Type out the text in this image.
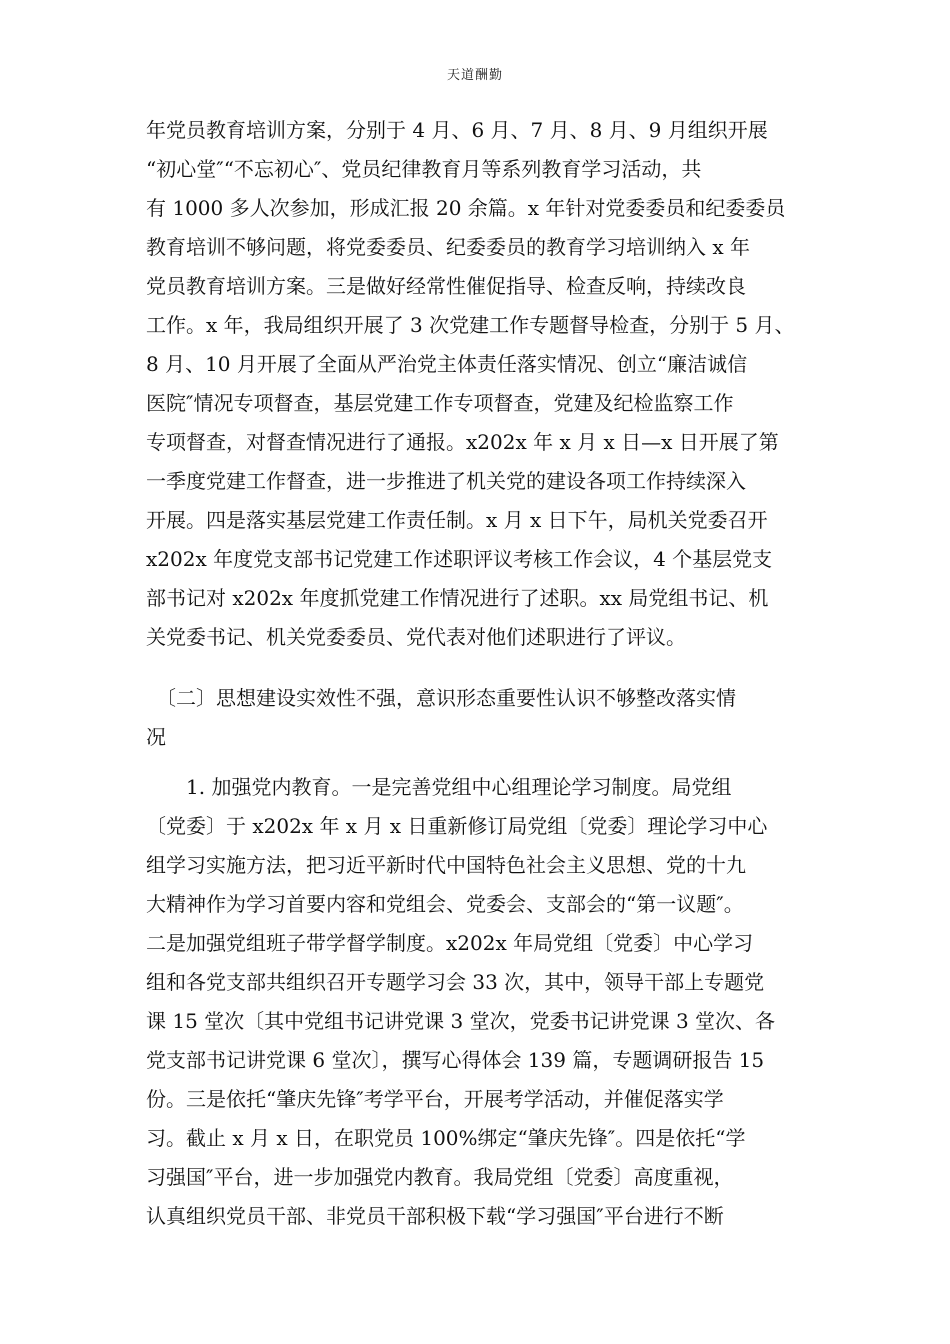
天道酬勤
年党员教育培训方案，分别于 4 月、6 月、7 月、8 月、9 月组织开展
“初心堂″“不忘初心″、党员纪律教育月等系列教育学习活动，共
有 1000 多人次参加，形成汇报 20 余篇。x 年针对党委委员和纪委委员
教育培训不够问题，将党委委员、纪委委员的教育学习培训纳入 x 年
党员教育培训方案。三是做好经常性催促指导、检查反响，持续改良
工作。x 年，我局组织开展了 3 次党建工作专题督导检查，分别于 5 月、
8 月、10 月开展了全面从严治党主体责任落实情况、创立“廉洁诚信
医院″情况专项督查，基层党建工作专项督查，党建及纪检监察工作
专项督查，对督查情况进行了通报。x202x 年 x 月 x 日—x 日开展了第
一季度党建工作督查，进一步推进了机关党的建设各项工作持续深入
开展。四是落实基层党建工作责任制。x 月 x 日下午，局机关党委召开
x202x 年度党支部书记党建工作述职评议考核工作会议，4 个基层党支
部书记对 x202x 年度抓党建工作情况进行了述职。xx 局党组书记、机
关党委书记、机关党委委员、党代表对他们述职进行了评议。
　〔二〕思想建设实效性不强，意识形态重要性认识不够整改落实情
况
　　1. 加强党内教育。一是完善党组中心组理论学习制度。局党组
〔党委〕于 x202x 年 x 月 x 日重新修订局党组〔党委〕理论学习中心
组学习实施方法，把习近平新时代中国特色社会主义思想、党的十九
大精神作为学习首要内容和党组会、党委会、支部会的“第一议题″。
二是加强党组班子带学督学制度。x202x 年局党组〔党委〕中心学习
组和各党支部共组织召开专题学习会 33 次，其中，领导干部上专题党
课 15 堂次〔其中党组书记讲党课 3 堂次，党委书记讲党课 3 堂次、各
党支部书记讲党课 6 堂次〕，撰写心得体会 139 篇，专题调研报告 15
份。三是依托“肇庆先锋″考学平台，开展考学活动，并催促落实学
习。截止 x 月 x 日，在职党员 100%绑定“肇庆先锋″。四是依托“学
习强国″平台，进一步加强党内教育。我局党组〔党委〕高度重视，
认真组织党员干部、非党员干部积极下载“学习强国″平台进行不断
